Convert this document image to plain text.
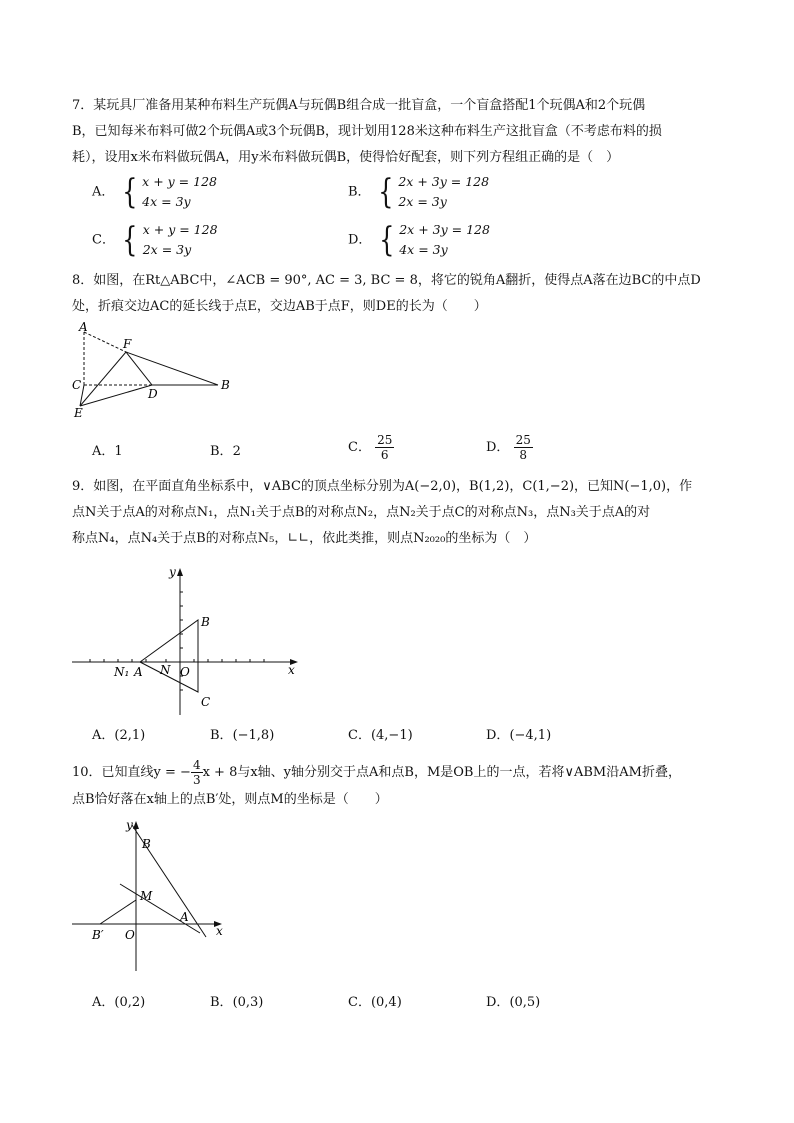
7．某玩具厂准备用某种布料生产玩偶A与玩偶B组合成一批盲盒，一个盲盒搭配1个玩偶A和2个玩偶

B，已知每米布料可做2个玩偶A或3个玩偶B，现计划用128米这种布料生产这批盲盒（不考虑布料的损

耗），设用x米布料做玩偶A，用y米布料做玩偶B，使得恰好配套，则下列方程组正确的是（　）

A． { x + y = 128
4x = 3y
B． { 2x + 3y = 128
2x = 3y
C． { x + y = 128
2x = 3y
D． { 2x + 3y = 128
4x = 3y

8．如图，在Rt△ABC中，∠ACB = 90°, AC = 3, BC = 8，将它的锐角A翻折，使得点A落在边BC的中点D

处，折痕交边AC的延长线于点E，交边AB于点F，则DE的长为（　　）

A
F
C
D
B
E
A．1	B．2	C． $\frac{25}{6}$	D． $\frac{25}{8}$

9．如图，在平面直角坐标系中，∨ABC的顶点坐标分别为A(−2,0)，B(1,2)，C(1,−2)，已知N(−1,0)，作

点N关于点A的对称点N₁，点N₁关于点B的对称点N₂，点N₂关于点C的对称点N₃，点N₃关于点A的对

称点N₄，点N₄关于点B的对称点N₅，∟∟，依此类推，则点N₂₀₂₀的坐标为（　）

y
x
B
C
N₁ A N O
A．(2,1)	B．(−1,8)	C．(4,−1)	D．(−4,1)

10．已知直线y = − $\frac{4}{3}$ x + 8与x轴、y轴分别交于点A和点B，M是OB上的一点，若将∨ABM沿AM折叠，

点B恰好落在x轴上的点B′处，则点M的坐标是（　　）

y
x
B
M
A
B′ O
A．(0,2)	B．(0,3)	C．(0,4)	D．(0,5)
